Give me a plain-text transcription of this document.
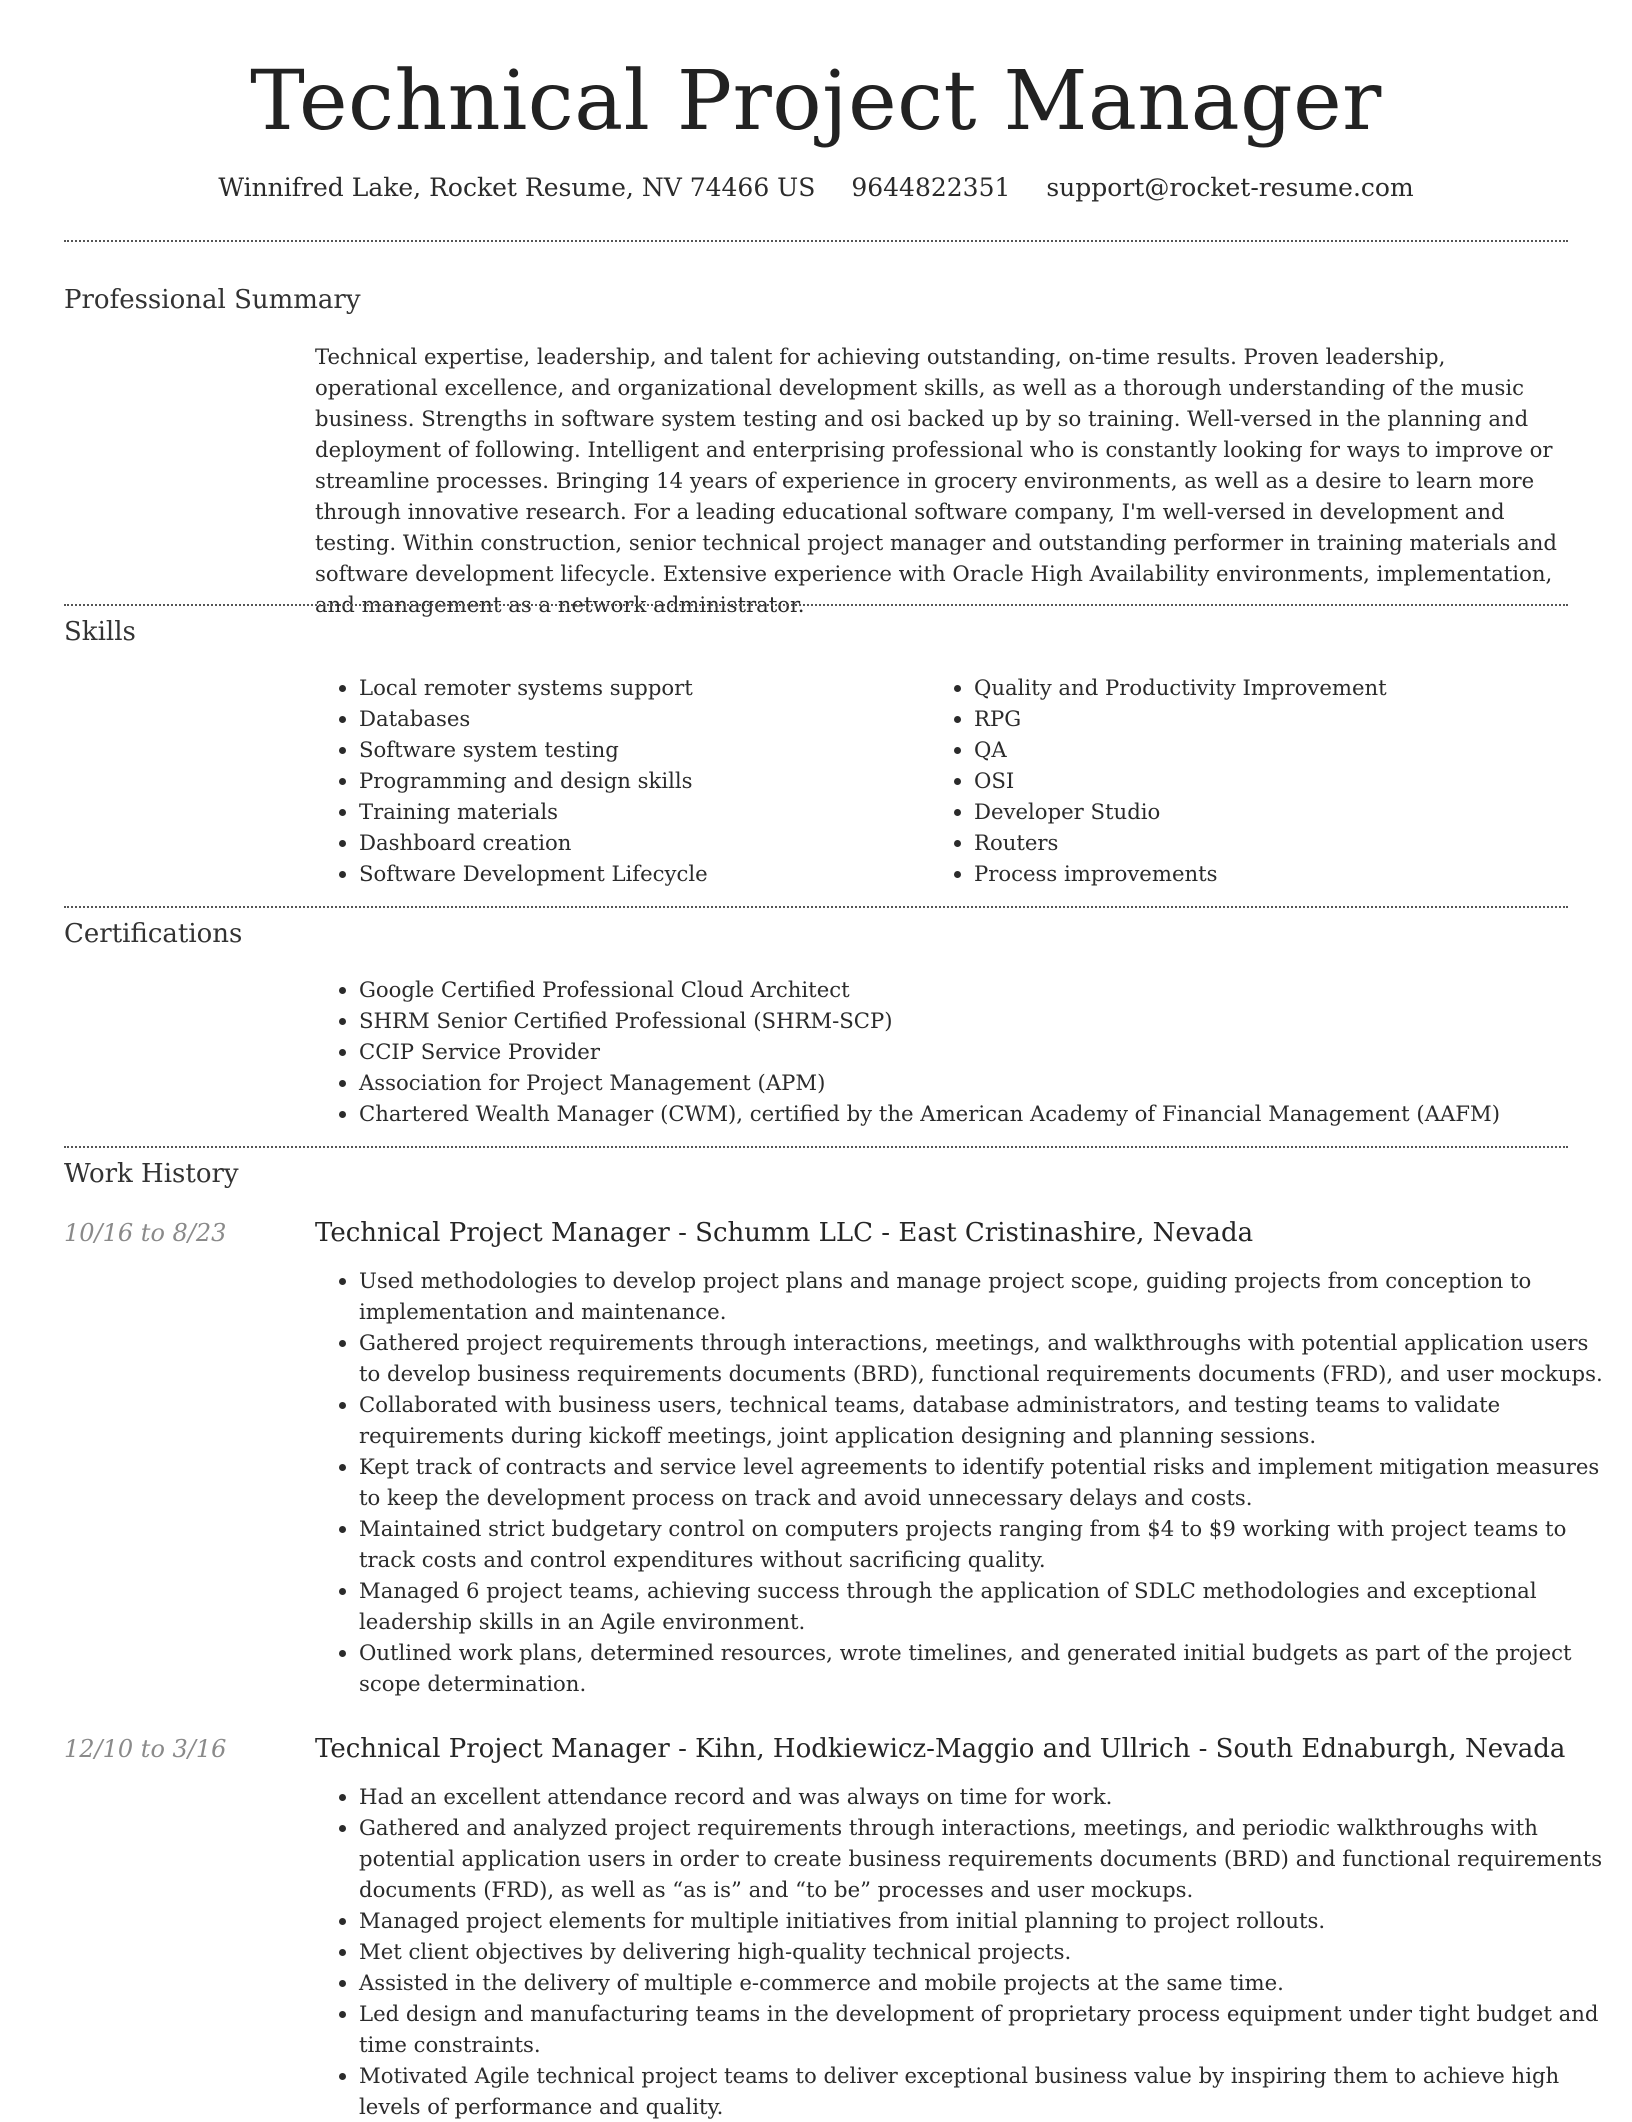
Technical Project Manager
Winnifred Lake, Rocket Resume, NV 74466 US 9644822351 support@rocket-resume.com
Professional Summary
Technical expertise, leadership, and talent for achieving outstanding, on-time results. Proven leadership, operational excellence, and organizational development skills, as well as a thorough understanding of the music business. Strengths in software system testing and osi backed up by so training. Well-versed in the planning and deployment of following. Intelligent and enterprising professional who is constantly looking for ways to improve or streamline processes. Bringing 14 years of experience in grocery environments, as well as a desire to learn more through innovative research. For a leading educational software company, I'm well-versed in development and testing. Within construction, senior technical project manager and outstanding performer in training materials and software development lifecycle. Extensive experience with Oracle High Availability environments, implementation, and management as a network administrator.
Skills
• Local remoter systems support
• Databases
• Software system testing
• Programming and design skills
• Training materials
• Dashboard creation
• Software Development Lifecycle
• Quality and Productivity Improvement
• RPG
• QA
• OSI
• Developer Studio
• Routers
• Process improvements
Certifications
• Google Certified Professional Cloud Architect
• SHRM Senior Certified Professional (SHRM-SCP)
• CCIP Service Provider
• Association for Project Management (APM)
• Chartered Wealth Manager (CWM), certified by the American Academy of Financial Management (AAFM)
Work History
10/16 to 8/23	Technical Project Manager - Schumm LLC - East Cristinashire, Nevada
• Used methodologies to develop project plans and manage project scope, guiding projects from conception to implementation and maintenance.
• Gathered project requirements through interactions, meetings, and walkthroughs with potential application users to develop business requirements documents (BRD), functional requirements documents (FRD), and user mockups.
• Collaborated with business users, technical teams, database administrators, and testing teams to validate requirements during kickoff meetings, joint application designing and planning sessions.
• Kept track of contracts and service level agreements to identify potential risks and implement mitigation measures to keep the development process on track and avoid unnecessary delays and costs.
• Maintained strict budgetary control on computers projects ranging from $4 to $9 working with project teams to track costs and control expenditures without sacrificing quality.
• Managed 6 project teams, achieving success through the application of SDLC methodologies and exceptional leadership skills in an Agile environment.
• Outlined work plans, determined resources, wrote timelines, and generated initial budgets as part of the project scope determination.
12/10 to 3/16	Technical Project Manager - Kihn, Hodkiewicz-Maggio and Ullrich - South Ednaburgh, Nevada
• Had an excellent attendance record and was always on time for work.
• Gathered and analyzed project requirements through interactions, meetings, and periodic walkthroughs with potential application users in order to create business requirements documents (BRD) and functional requirements documents (FRD), as well as “as is” and “to be” processes and user mockups.
• Managed project elements for multiple initiatives from initial planning to project rollouts.
• Met client objectives by delivering high-quality technical projects.
• Assisted in the delivery of multiple e-commerce and mobile projects at the same time.
• Led design and manufacturing teams in the development of proprietary process equipment under tight budget and time constraints.
• Motivated Agile technical project teams to deliver exceptional business value by inspiring them to achieve high levels of performance and quality.
